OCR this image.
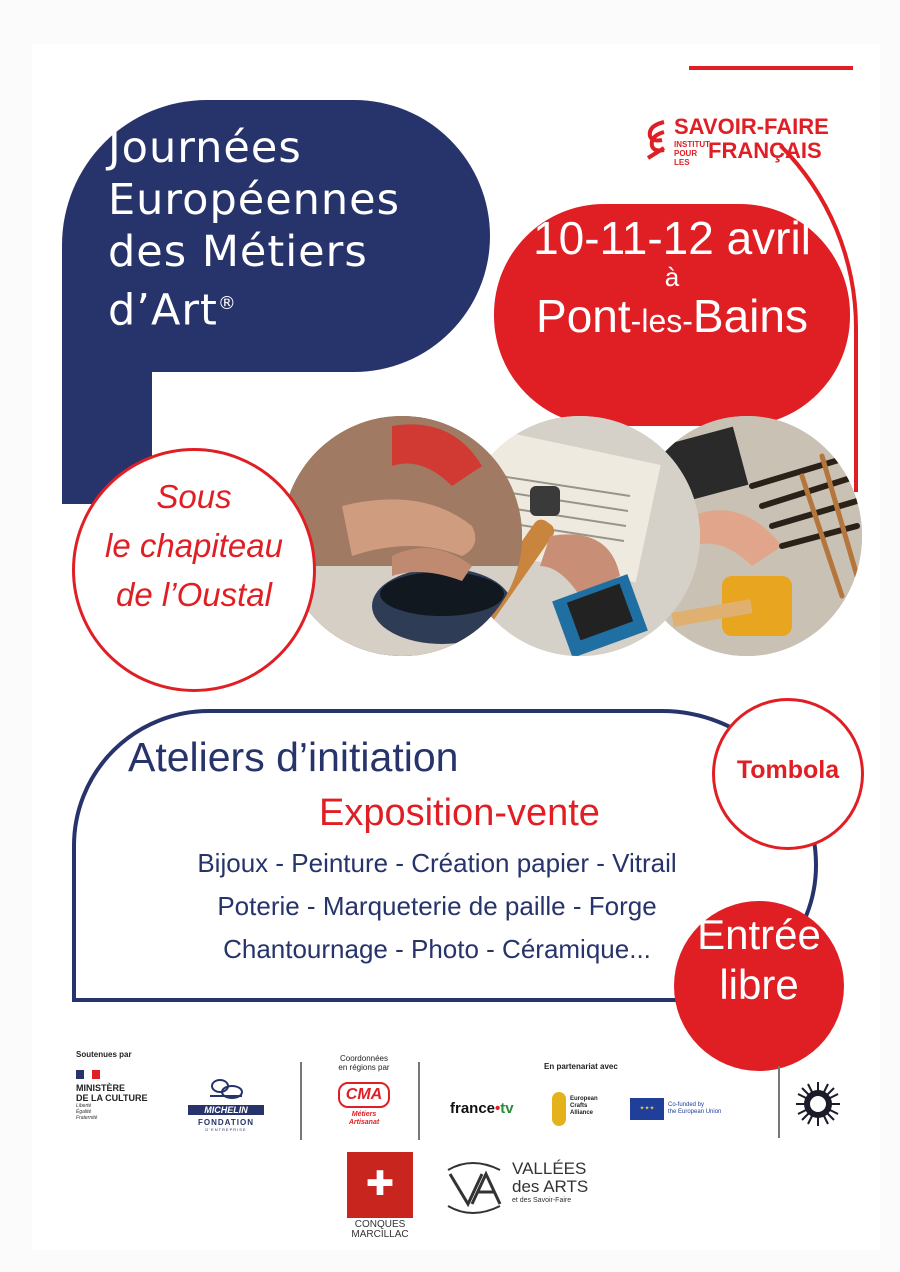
Journées
Européennes
des Métiers
d’Art®
SAVOIR-FAIRE
INSTITUT POUR LES FRANÇAIS
10-11-12 avril
à
Pont-les-Bains
Sous
le chapiteau
de l’Oustal
Ateliers d’initiation
Exposition-vente
Bijoux - Peinture - Création papier - Vitrail
Poterie - Marqueterie de paille - Forge
Chantournage - Photo - Céramique...
Tombola
Entrée
libre
Soutenues par
MINISTÈRE
DE LA CULTURE
Liberté
Égalité
Fraternité
MICHELIN
FONDATION
D'ENTREPRISE
Coordonnées
en régions par
CMA
Métiers
Artisanat
En partenariat avec
france•tv
European
Crafts
Alliance
✦✦✦
Co-funded by
the European Union
✚
CONQUES
MARCILLAC
VALLÉES
des ARTS
et des Savoir-Faire
